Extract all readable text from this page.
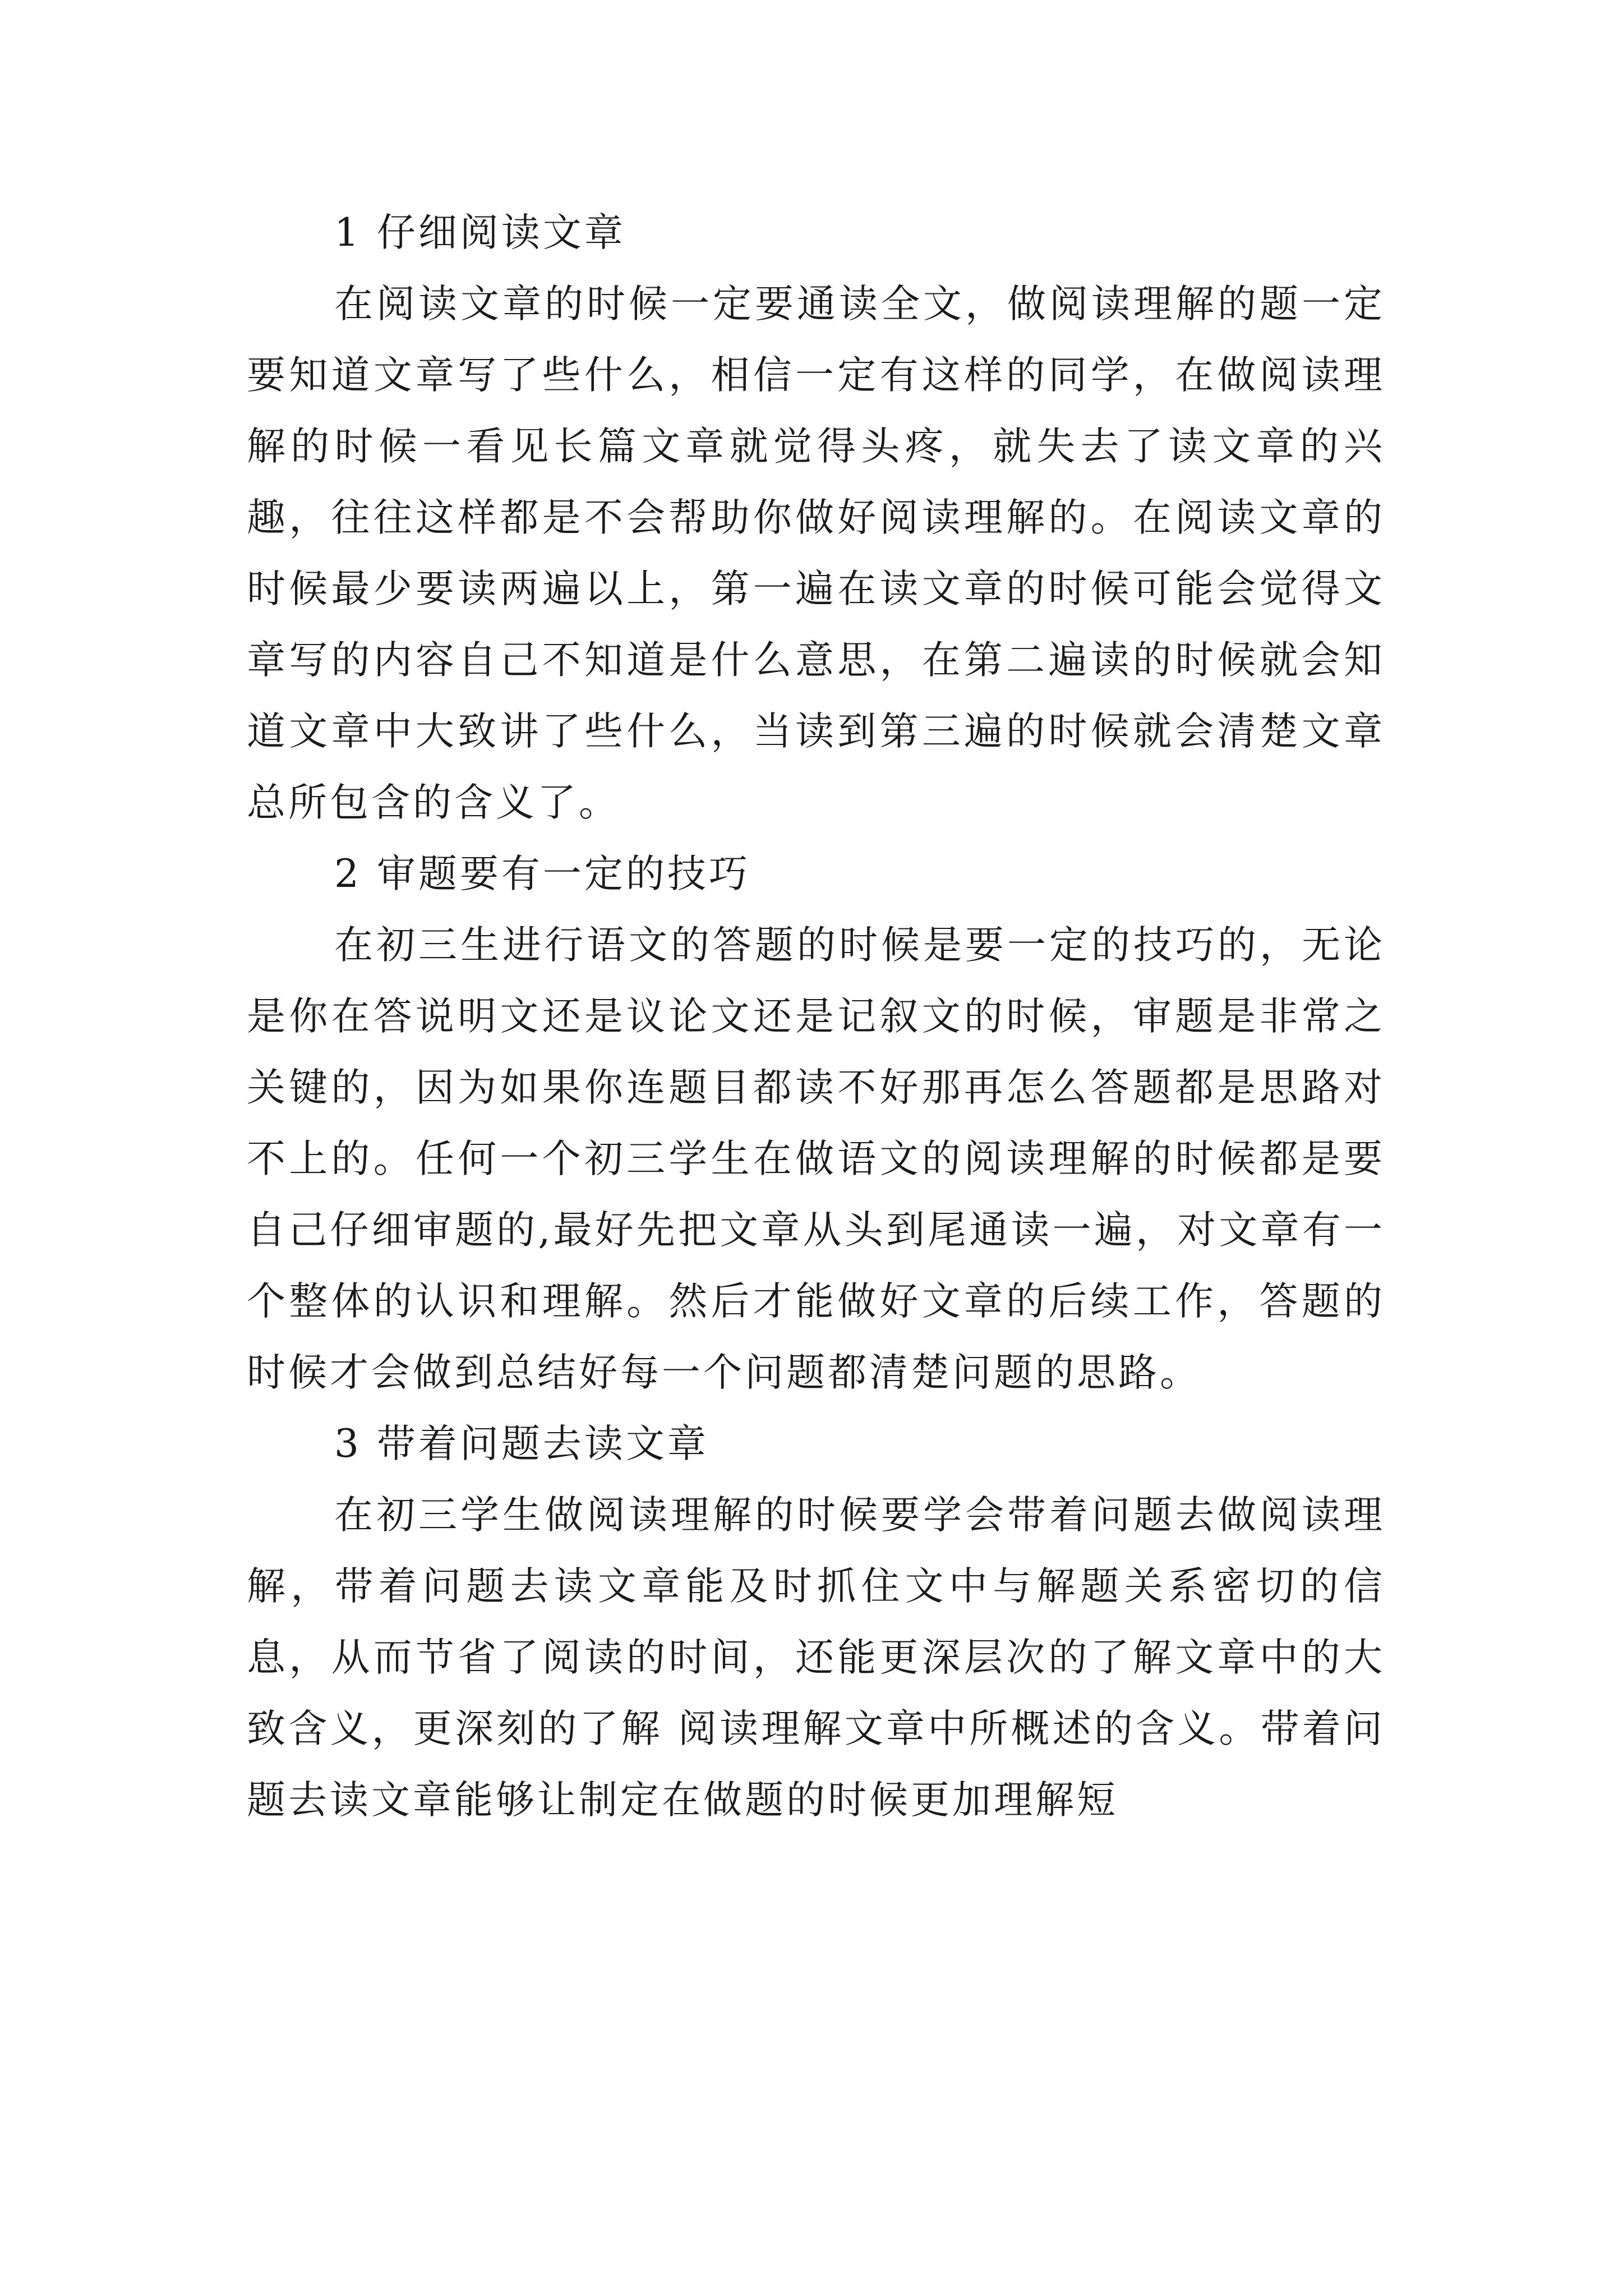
1 仔细阅读文章

在阅读文章的时候一定要通读全文，做阅读理解的题一定要知道文章写了些什么，相信一定有这样的同学，在做阅读理解的时候一看见长篇文章就觉得头疼，就失去了读文章的兴趣，往往这样都是不会帮助你做好阅读理解的。在阅读文章的时候最少要读两遍以上，第一遍在读文章的时候可能会觉得文章写的内容自己不知道是什么意思，在第二遍读的时候就会知道文章中大致讲了些什么，当读到第三遍的时候就会清楚文章总所包含的含义了。

2 审题要有一定的技巧

在初三生进行语文的答题的时候是要一定的技巧的，无论是你在答说明文还是议论文还是记叙文的时候，审题是非常之关键的，因为如果你连题目都读不好那再怎么答题都是思路对不上的。任何一个初三学生在做语文的阅读理解的时候都是要自己仔细审题的,最好先把文章从头到尾通读一遍，对文章有一个整体的认识和理解。然后才能做好文章的后续工作，答题的时候才会做到总结好每一个问题都清楚问题的思路。

3 带着问题去读文章

在初三学生做阅读理解的时候要学会带着问题去做阅读理解，带着问题去读文章能及时抓住文中与解题关系密切的信息，从而节省了阅读的时间，还能更深层次的了解文章中的大致含义，更深刻的了解 阅读理解文章中所概述的含义。带着问题去读文章能够让制定在做题的时候更加理解短
